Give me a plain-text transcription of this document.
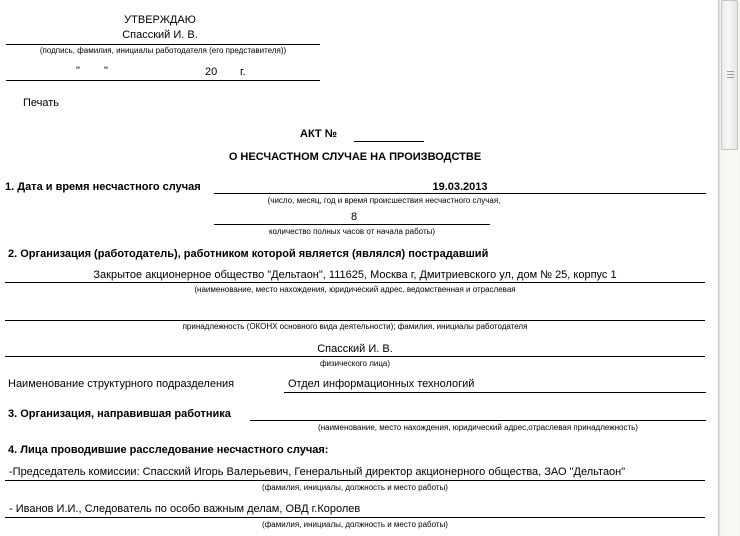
УТВЕРЖДАЮ
Спасский И. В.
(подпись, фамилия, инициалы работодателя (его представителя))
" "	20 г.
Печать
АКТ №
О НЕСЧАСТНОМ СЛУЧАЕ НА ПРОИЗВОДСТВЕ
1. Дата и время несчастного случая	19.03.2013
(число, месяц, год и время происшествия несчастного случая,
8
количество полных часов от начала работы)
2. Организация (работодатель), работником которой является (являлся) пострадавший
Закрытое акционерное общество "Дельтаон", 111625, Москва г, Дмитриевского ул, дом № 25, корпус 1
(наименование, место нахождения, юридический адрес, ведомственная и отраслевая
принадлежность (ОКОНХ основного вида деятельности); фамилия, инициалы работодателя
Спасский И. В.
физического лица)
Наименование структурного подразделения	Отдел информационных технологий
3. Организация, направившая работника
(наименование, место нахождения, юридический адрес,отраслевая принадлежность)
4. Лица проводившие расследование несчастного случая:
-Председатель комиссии: Спасский Игорь Валерьевич, Генеральный директор акционерного общества, ЗАО "Дельтаон"
(фамилия, инициалы, должность и место работы)
- Иванов И.И., Следователь по особо важным делам, ОВД г.Королев
(фамилия, инициалы, должность и место работы)
